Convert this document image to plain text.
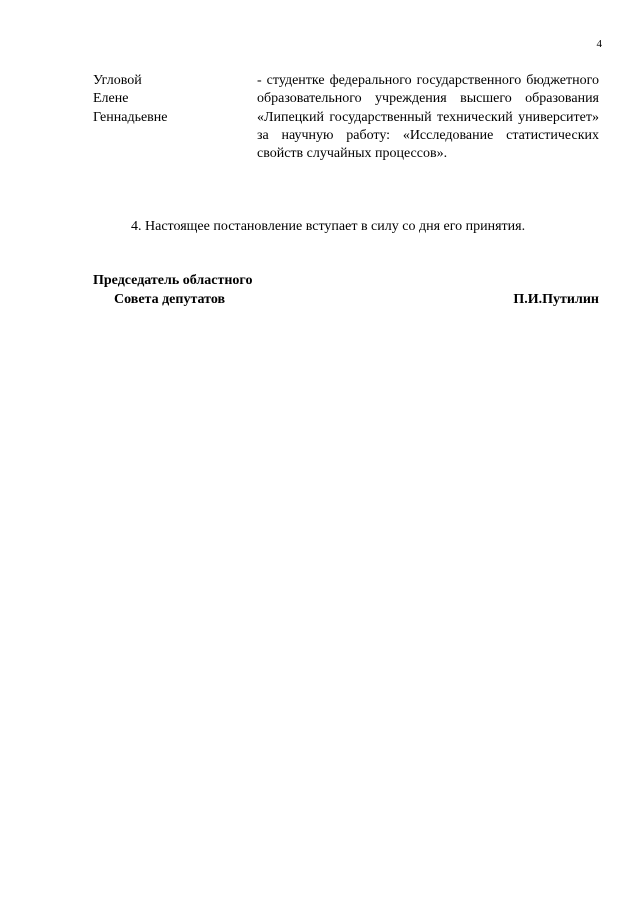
4
Угловой
Елене
Геннадьевне
- студентке федерального государственного бюджетного образовательного учреждения высшего образования «Липецкий государственный технический университет» за научную работу: «Исследование статистических свойств случайных процессов».

4. Настоящее постановление вступает в силу со дня его принятия.

Председатель областного
Совета депутатов	П.И.Путилин
